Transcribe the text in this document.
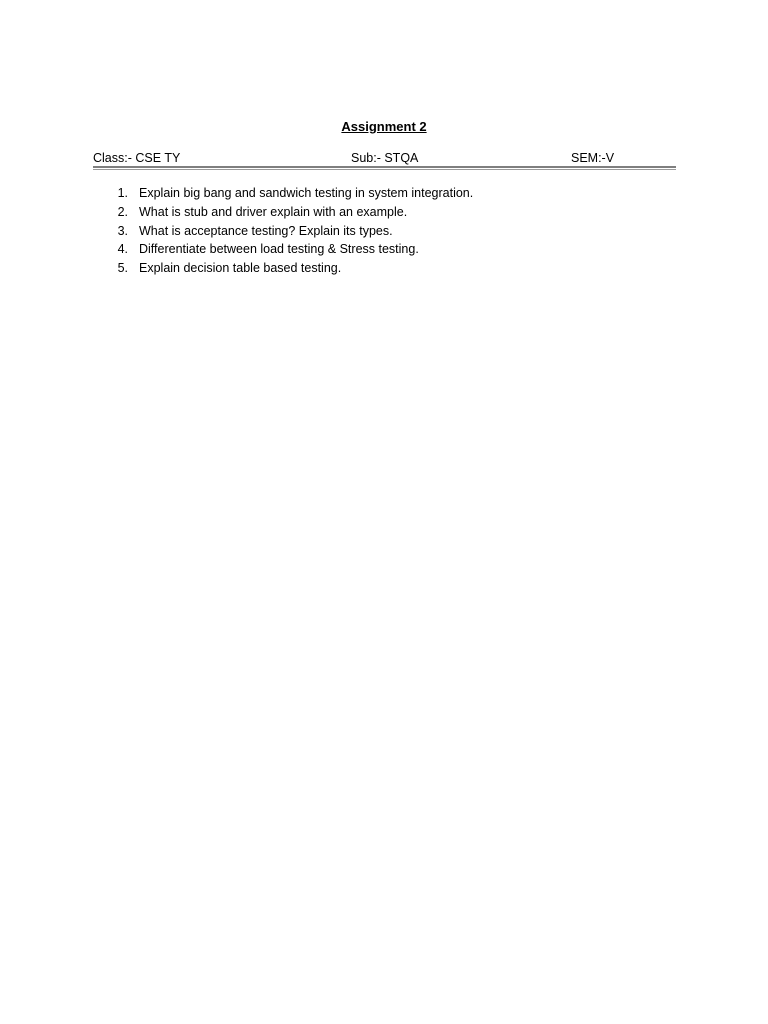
Assignment 2
Class:- CSE TY	Sub:- STQA	SEM:-V
1. Explain big bang and sandwich testing in system integration.
2. What is stub and driver explain with an example.
3. What is acceptance testing? Explain its types.
4. Differentiate between load testing & Stress testing.
5. Explain decision table based testing.
